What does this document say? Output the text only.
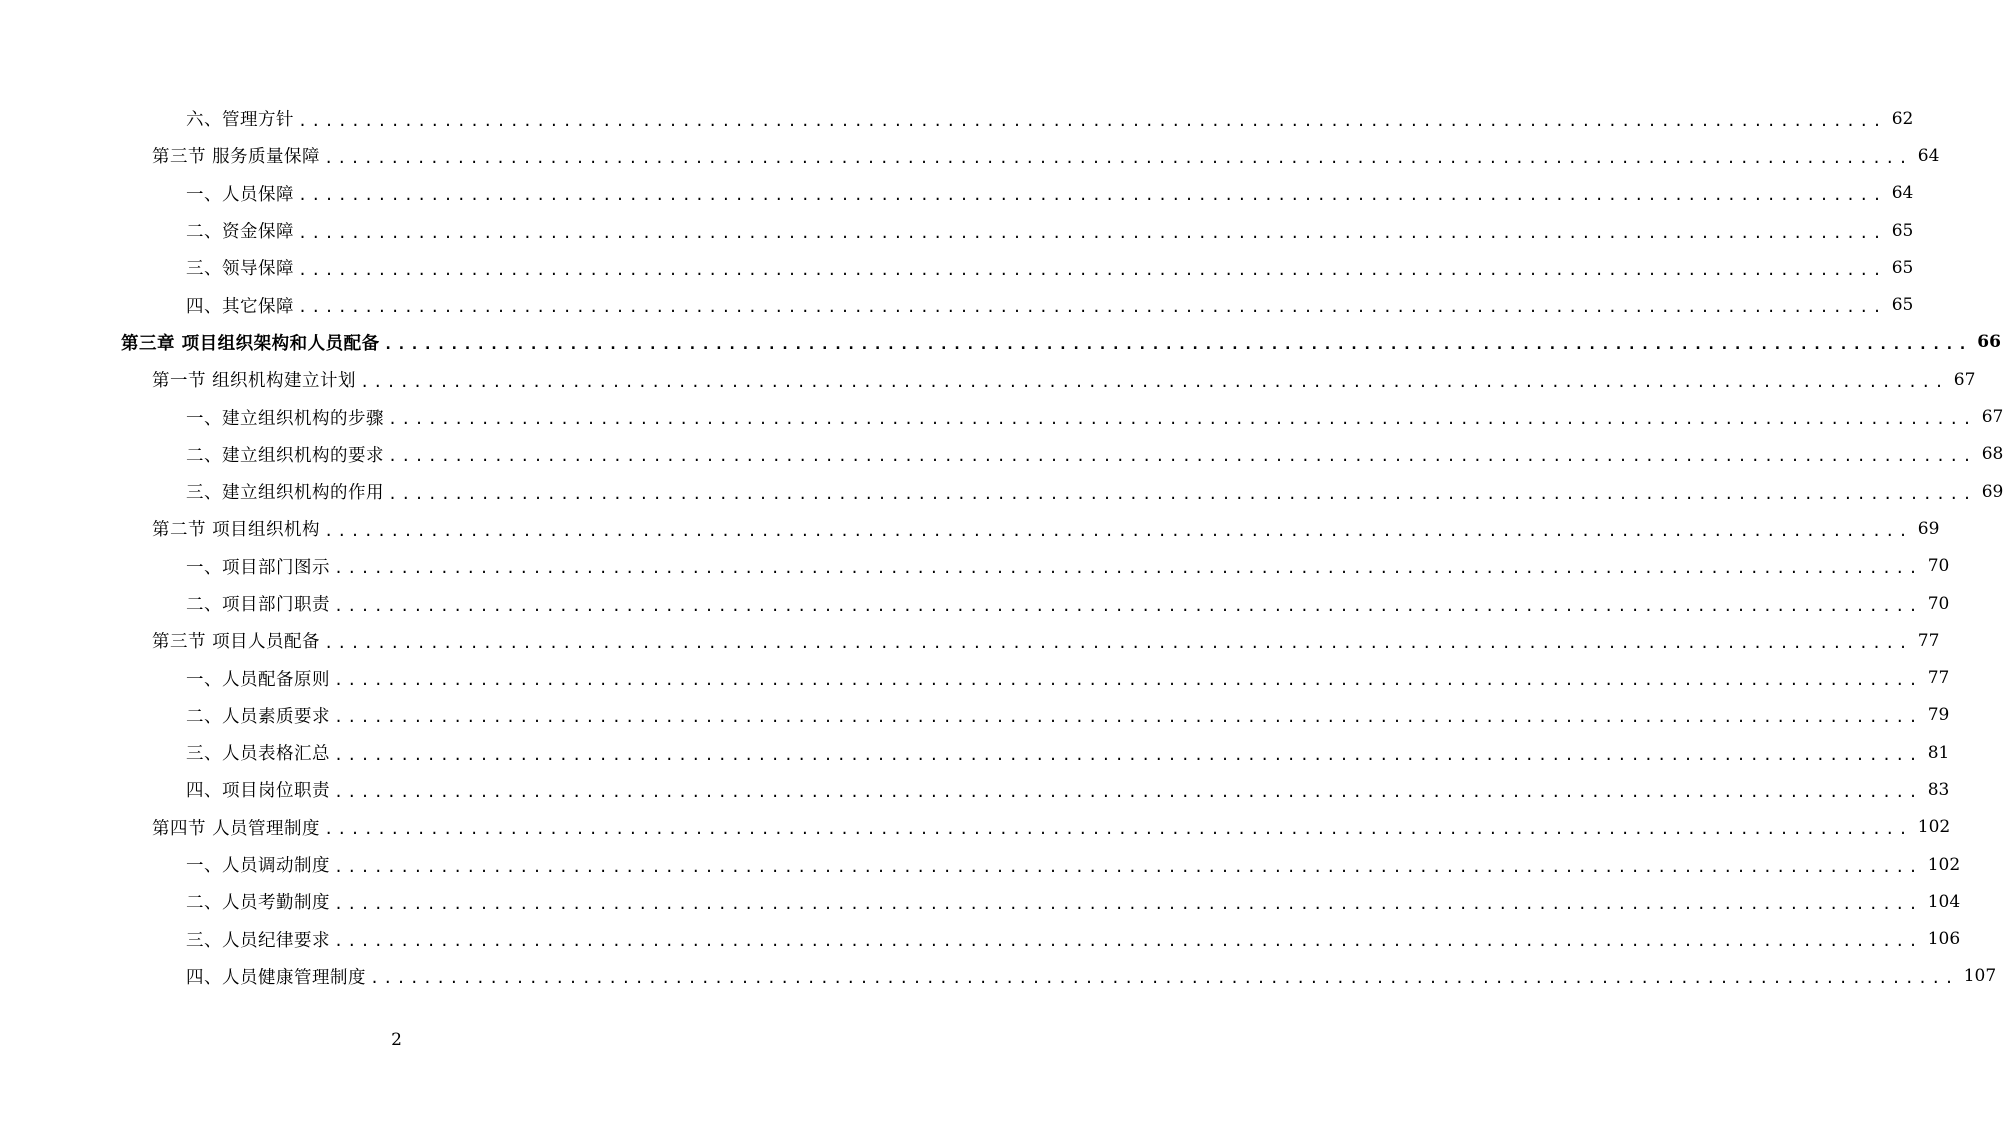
六、管理方针 ........................................................................................................................ 62
第三节 服务质量保障 ........................................................................................................................ 64
一、人员保障 ........................................................................................................................ 64
二、资金保障 ........................................................................................................................ 65
三、领导保障 ........................................................................................................................ 65
四、其它保障 ........................................................................................................................ 65
第三章 项目组织架构和人员配备 ........................................................................................................................ 66
第一节 组织机构建立计划 ........................................................................................................................ 67
一、建立组织机构的步骤 ........................................................................................................................ 67
二、建立组织机构的要求 ........................................................................................................................ 68
三、建立组织机构的作用 ........................................................................................................................ 69
第二节 项目组织机构 ........................................................................................................................ 69
一、项目部门图示 ........................................................................................................................ 70
二、项目部门职责 ........................................................................................................................ 70
第三节 项目人员配备 ........................................................................................................................ 77
一、人员配备原则 ........................................................................................................................ 77
二、人员素质要求 ........................................................................................................................ 79
三、人员表格汇总 ........................................................................................................................ 81
四、项目岗位职责 ........................................................................................................................ 83
第四节 人员管理制度 ........................................................................................................................ 102
一、人员调动制度 ........................................................................................................................ 102
二、人员考勤制度 ........................................................................................................................ 104
三、人员纪律要求 ........................................................................................................................ 106
四、人员健康管理制度 ........................................................................................................................ 107
2
